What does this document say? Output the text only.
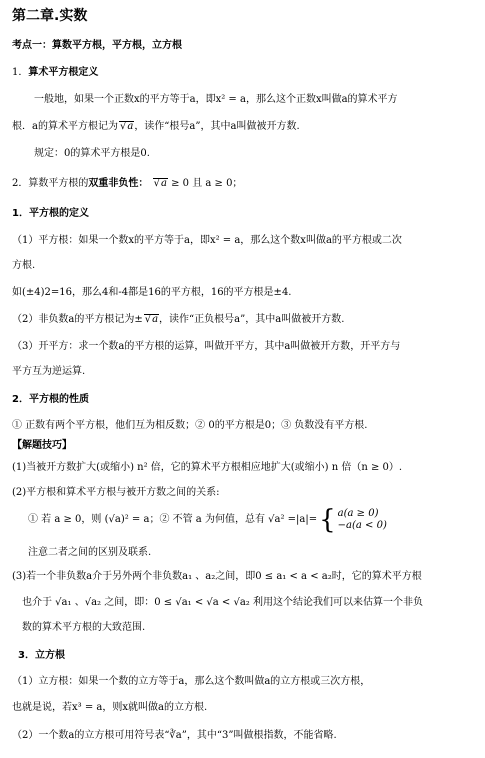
第二章.实数
考点一：算数平方根，平方根，立方根
1．算术平方根定义
一般地，如果一个正数x的平方等于a，即x² = a，那么这个正数x叫做a的算术平方
根．a的算术平方根记为 √ a，读作“根号a”，其中a叫做被开方数.
规定：0的算术平方根是0.
2．算数平方根的双重非负性： √ a ≥ 0 且 a ≥ 0；
1．平方根的定义
（1）平方根：如果一个数x的平方等于a，即x² = a，那么这个数x叫做a的平方根或二次
方根.
如(±4)2=16，那么4和-4都是16的平方根，16的平方根是±4.
（2）非负数a的平方根记为± √ a，读作“正负根号a”，其中a叫做被开方数.
（3）开平方：求一个数a的平方根的运算，叫做开平方，其中a叫做被开方数，开平方与
平方互为逆运算.
2．平方根的性质
① 正数有两个平方根，他们互为相反数；② 0的平方根是0；③ 负数没有平方根.
【解题技巧】
(1)当被开方数扩大(或缩小) n² 倍，它的算术平方根相应地扩大(或缩小) n 倍（n ≥ 0）.
(2)平方根和算术平方根与被开方数之间的关系:
① 若 a ≥ 0，则 (√a)² = a；② 不管 a 为何值，总有 √a² =|a|= { a(a ≥ 0)
−a(a < 0)
注意二者之间的区别及联系.
(3)若一个非负数a介于另外两个非负数a₁ 、a₂之间，即0 ≤ a₁ < a < a₂时，它的算术平方根
也介于 √a₁ 、√a₂ 之间，即：0 ≤ √a₁ < √a < √a₂ 利用这个结论我们可以来估算一个非负
数的算术平方根的大致范围.
3．立方根
（1）立方根：如果一个数的立方等于a，那么这个数叫做a的立方根或三次方根，
也就是说，若x³ = a，则x就叫做a的立方根.
（2）一个数a的立方根可用符号表“∛a”，其中“3”叫做根指数，不能省略.
